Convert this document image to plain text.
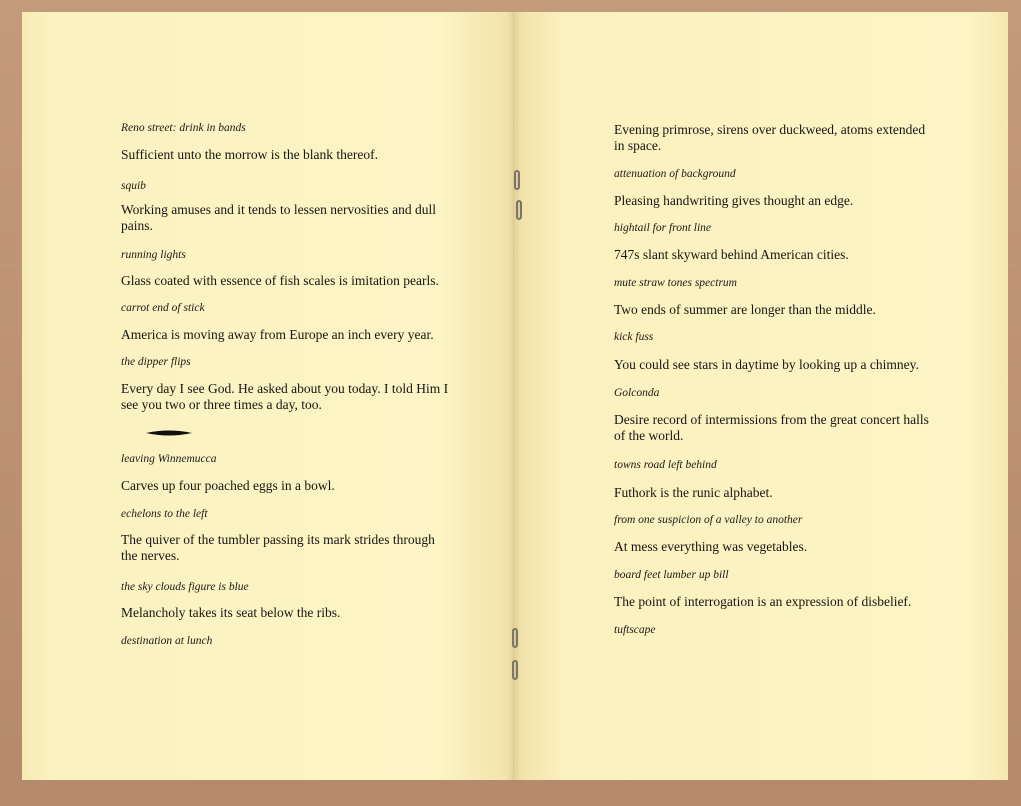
Reno street: drink in bands
Sufficient unto the morrow is the blank thereof.
squib
Working amuses and it tends to lessen nervosities and dull pains.
running lights
Glass coated with essence of fish scales is imitation pearls.
carrot end of stick
America is moving away from Europe an inch every year.
the dipper flips
Every day I see God. He asked about you today. I told Him I see you two or three times a day, too.
leaving Winnemucca
Carves up four poached eggs in a bowl.
echelons to the left
The quiver of the tumbler passing its mark strides through the nerves.
the sky clouds figure is blue
Melancholy takes its seat below the ribs.
destination at lunch
Evening primrose, sirens over duckweed, atoms extended in space.
attenuation of background
Pleasing handwriting gives thought an edge.
hightail for front line
747s slant skyward behind American cities.
mute straw tones spectrum
Two ends of summer are longer than the middle.
kick fuss
You could see stars in daytime by looking up a chimney.
Golconda
Desire record of intermissions from the great concert halls of the world.
towns road left behind
Futhork is the runic alphabet.
from one suspicion of a valley to another
At mess everything was vegetables.
board feet lumber up bill
The point of interrogation is an expression of disbelief.
tuftscape
